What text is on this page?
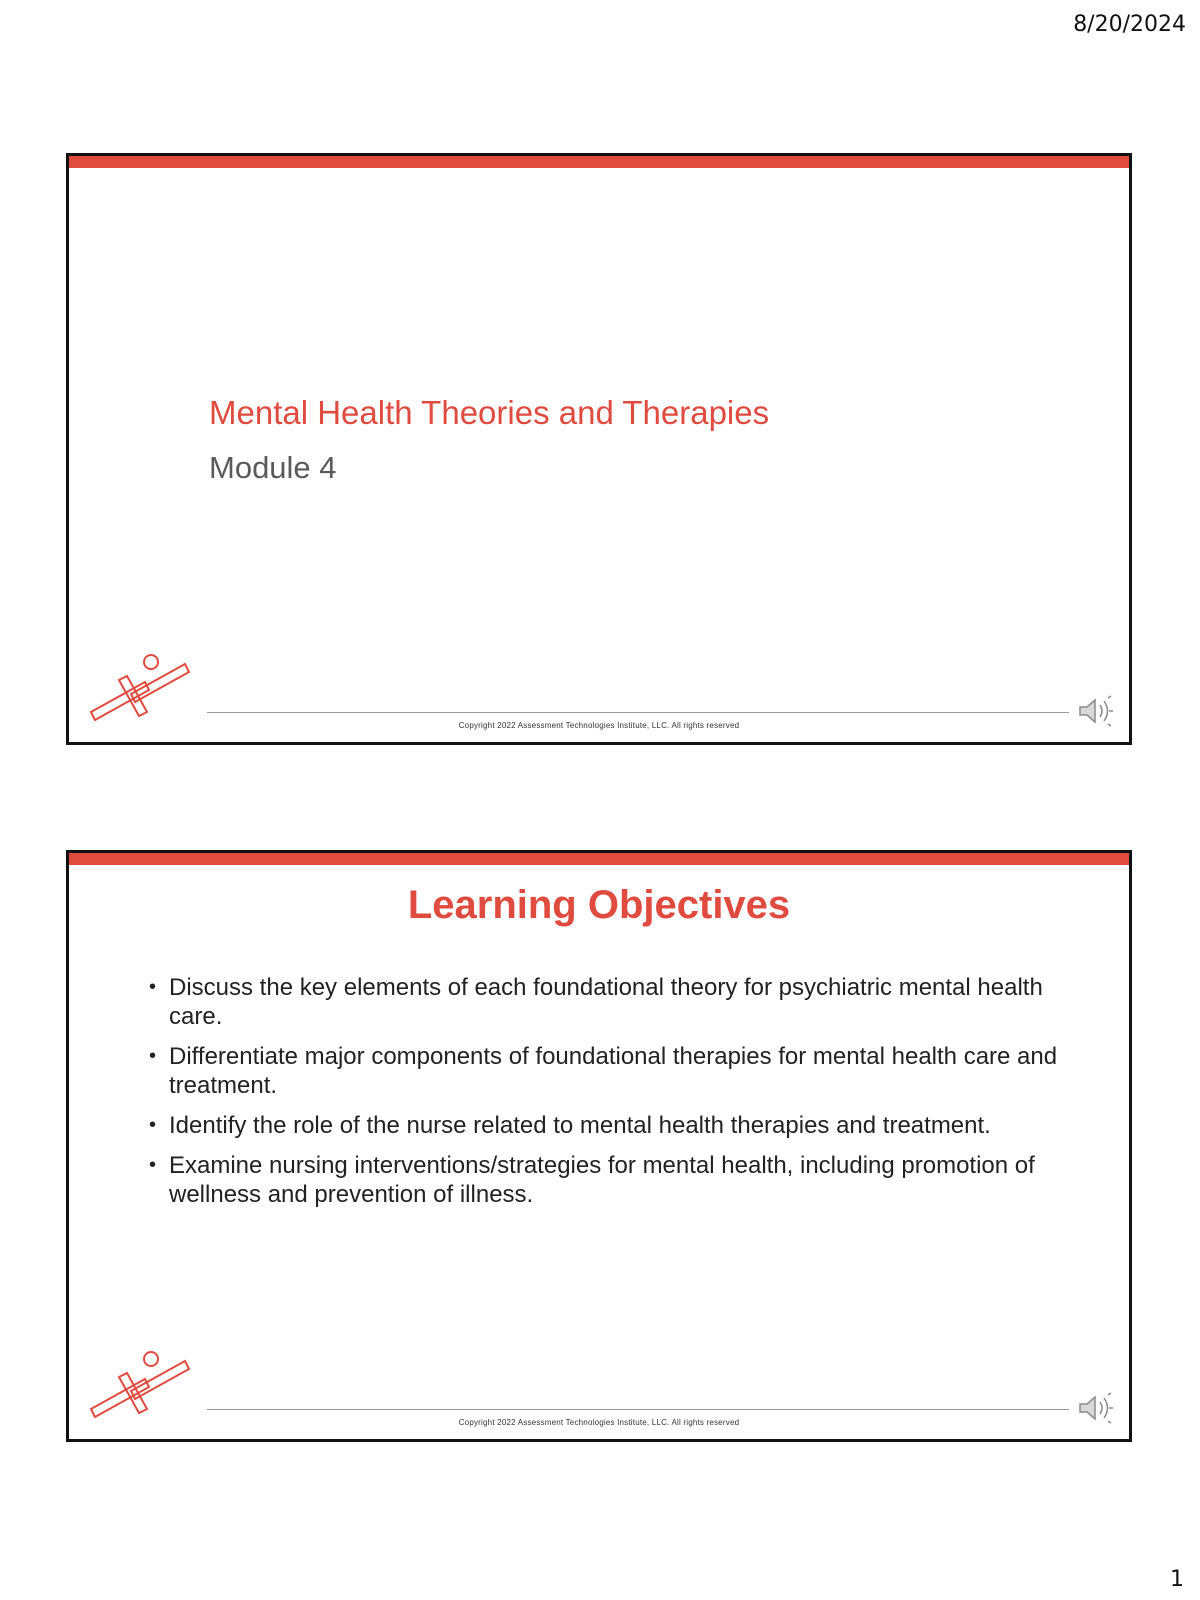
8/20/2024
Mental Health Theories and Therapies
Module 4
Copyright 2022 Assessment Technologies Institute, LLC. All rights reserved
Learning Objectives
• Discuss the key elements of each foundational theory for psychiatric mental health care.
• Differentiate major components of foundational therapies for mental health care and treatment.
• Identify the role of the nurse related to mental health therapies and treatment.
• Examine nursing interventions/strategies for mental health, including promotion of wellness and prevention of illness.
Copyright 2022 Assessment Technologies Institute, LLC. All rights reserved
1
